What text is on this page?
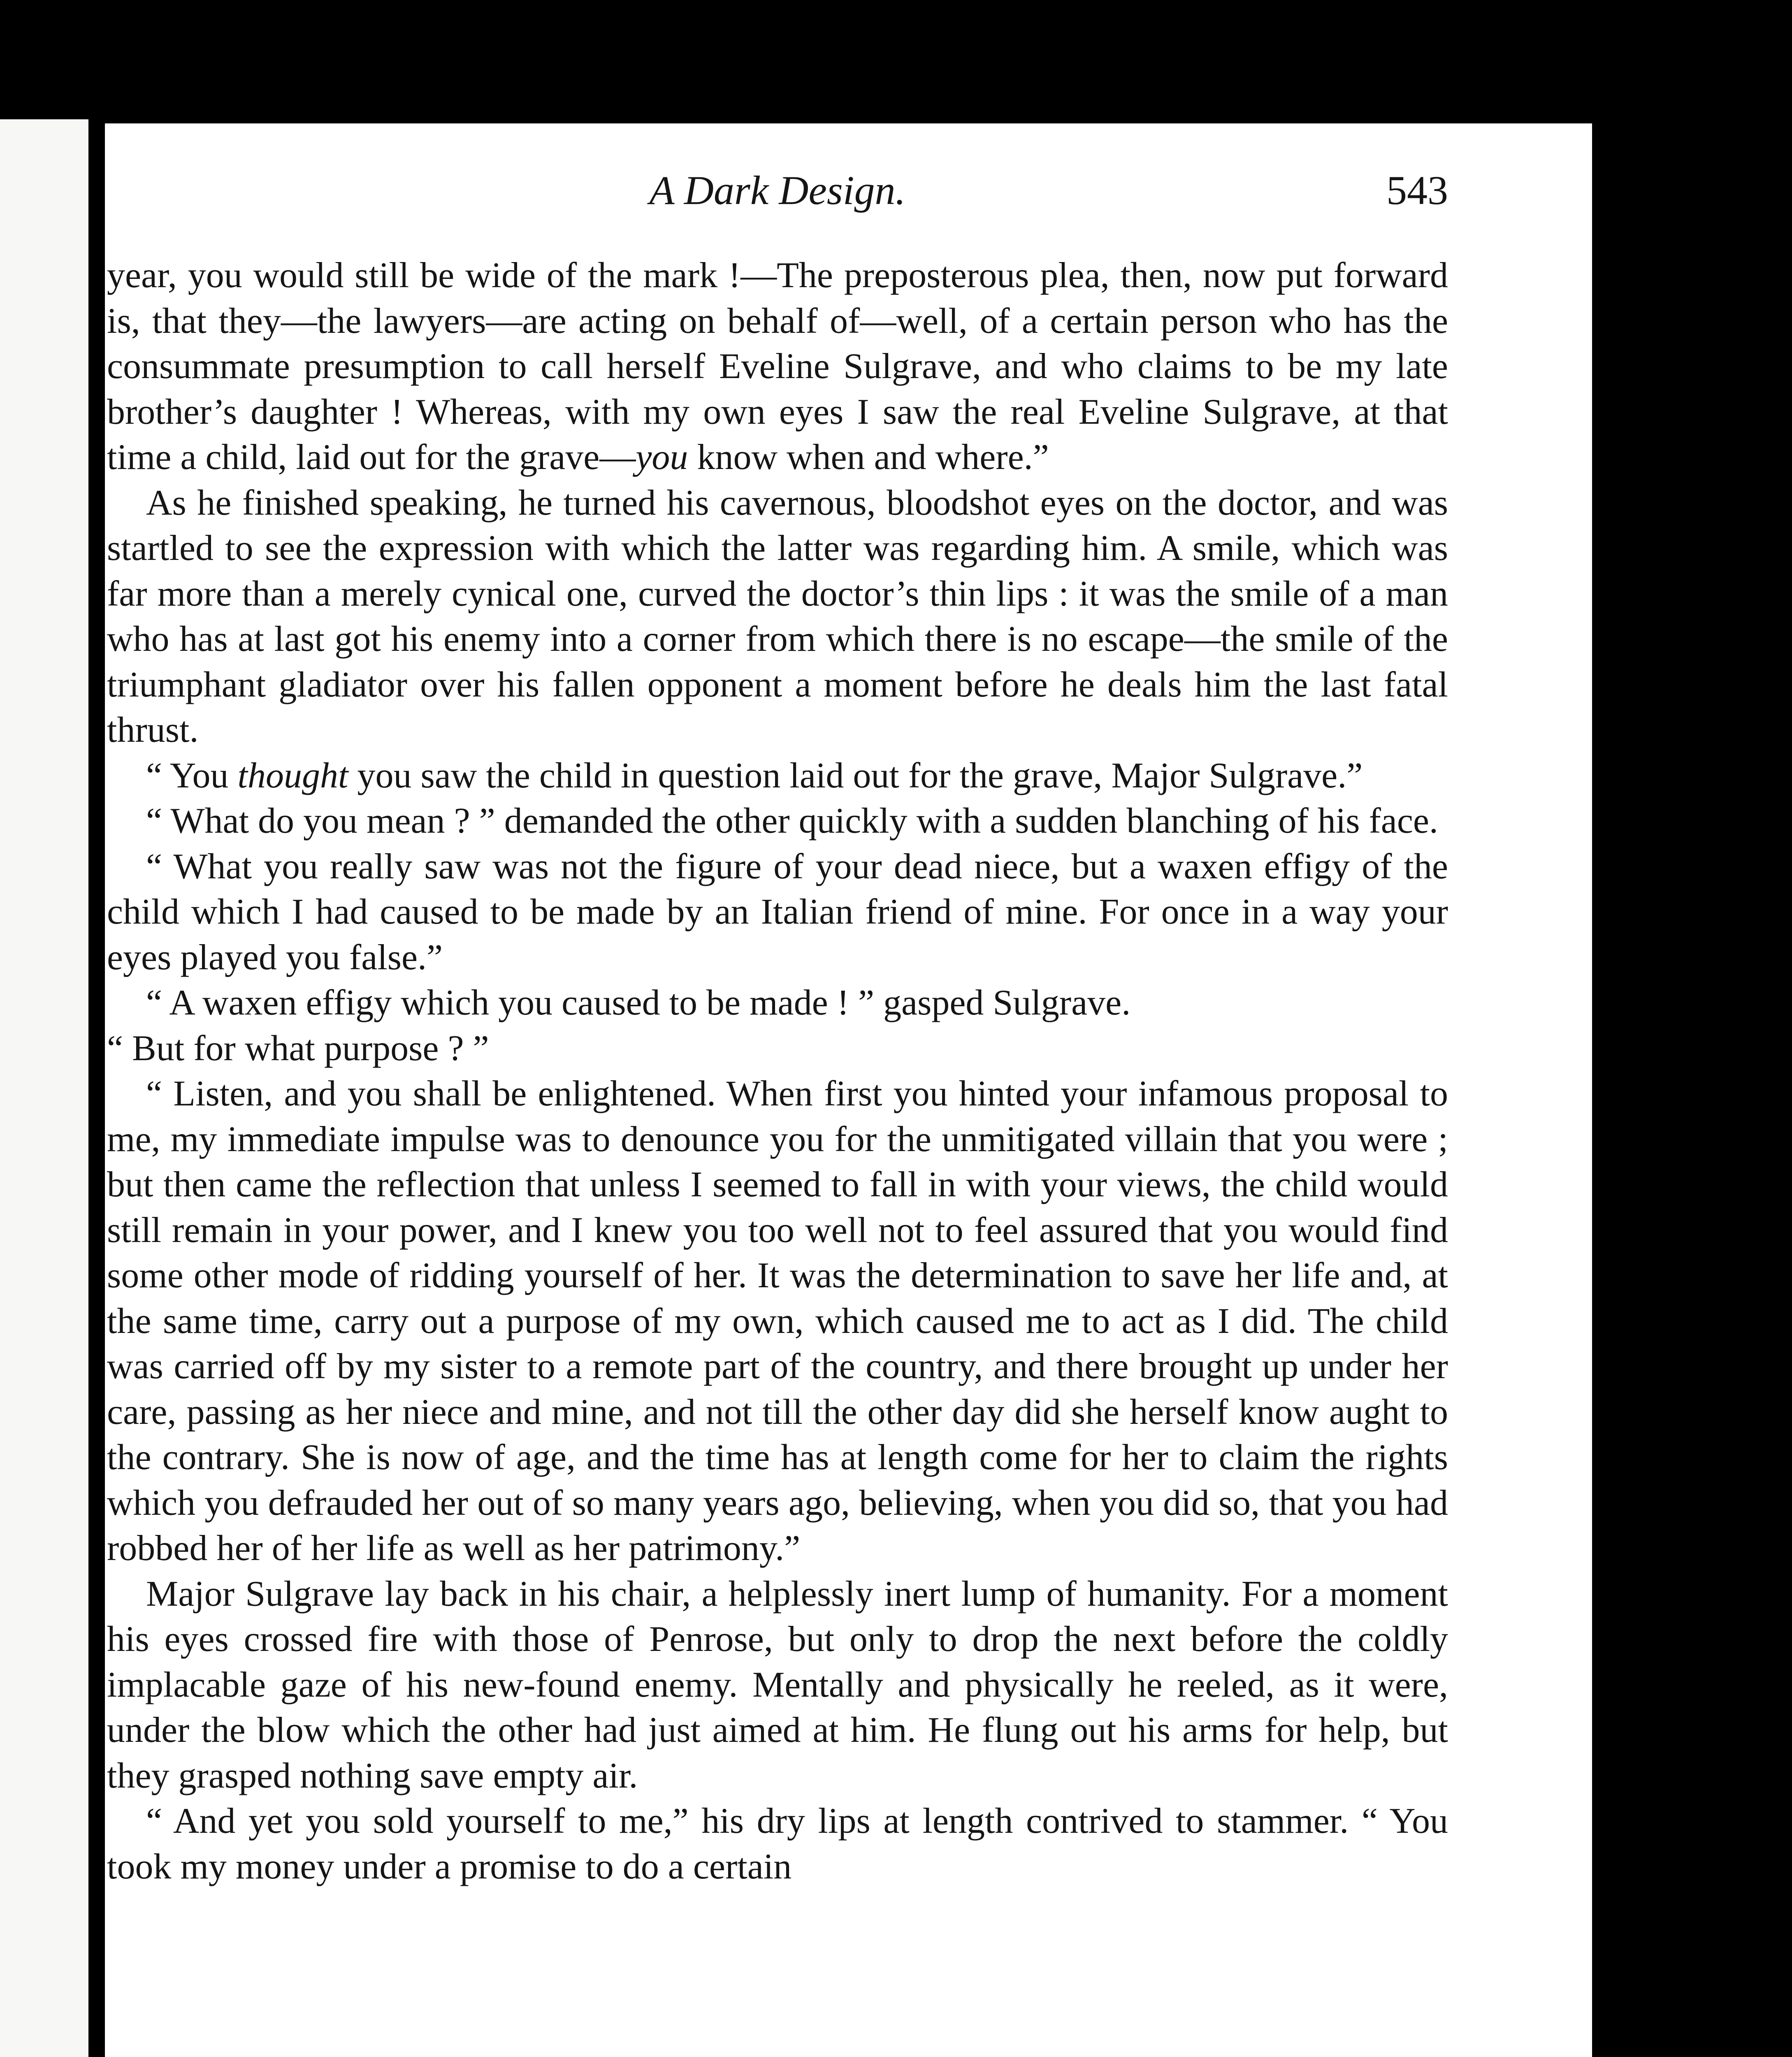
A Dark Design.	543

year, you would still be wide of the mark !—The preposterous plea, then, now put forward is, that they—the lawyers—are acting on behalf of—well, of a certain person who has the consummate presumption to call herself Eveline Sulgrave, and who claims to be my late brother’s daughter ! Whereas, with my own eyes I saw the real Eveline Sulgrave, at that time a child, laid out for the grave—you know when and where.”

As he finished speaking, he turned his cavernous, bloodshot eyes on the doctor, and was startled to see the expression with which the latter was regarding him. A smile, which was far more than a merely cynical one, curved the doctor’s thin lips : it was the smile of a man who has at last got his enemy into a corner from which there is no escape—the smile of the triumphant gladiator over his fallen opponent a moment before he deals him the last fatal thrust.

“ You thought you saw the child in question laid out for the grave, Major Sulgrave.”

“ What do you mean ? ” demanded the other quickly with a sudden blanching of his face.

“ What you really saw was not the figure of your dead niece, but a waxen effigy of the child which I had caused to be made by an Italian friend of mine. For once in a way your eyes played you false.”

“ A waxen effigy which you caused to be made ! ” gasped Sulgrave.

“ But for what purpose ? ”

“ Listen, and you shall be enlightened. When first you hinted your infamous proposal to me, my immediate impulse was to denounce you for the unmitigated villain that you were ; but then came the reflection that unless I seemed to fall in with your views, the child would still remain in your power, and I knew you too well not to feel assured that you would find some other mode of ridding yourself of her. It was the determination to save her life and, at the same time, carry out a purpose of my own, which caused me to act as I did. The child was carried off by my sister to a remote part of the country, and there brought up under her care, passing as her niece and mine, and not till the other day did she herself know aught to the contrary. She is now of age, and the time has at length come for her to claim the rights which you defrauded her out of so many years ago, believing, when you did so, that you had robbed her of her life as well as her patrimony.”

Major Sulgrave lay back in his chair, a helplessly inert lump of humanity. For a moment his eyes crossed fire with those of Penrose, but only to drop the next before the coldly implacable gaze of his new-found enemy. Mentally and physically he reeled, as it were, under the blow which the other had just aimed at him. He flung out his arms for help, but they grasped nothing save empty air.

“ And yet you sold yourself to me,” his dry lips at length contrived to stammer. “ You took my money under a promise to do a certain
